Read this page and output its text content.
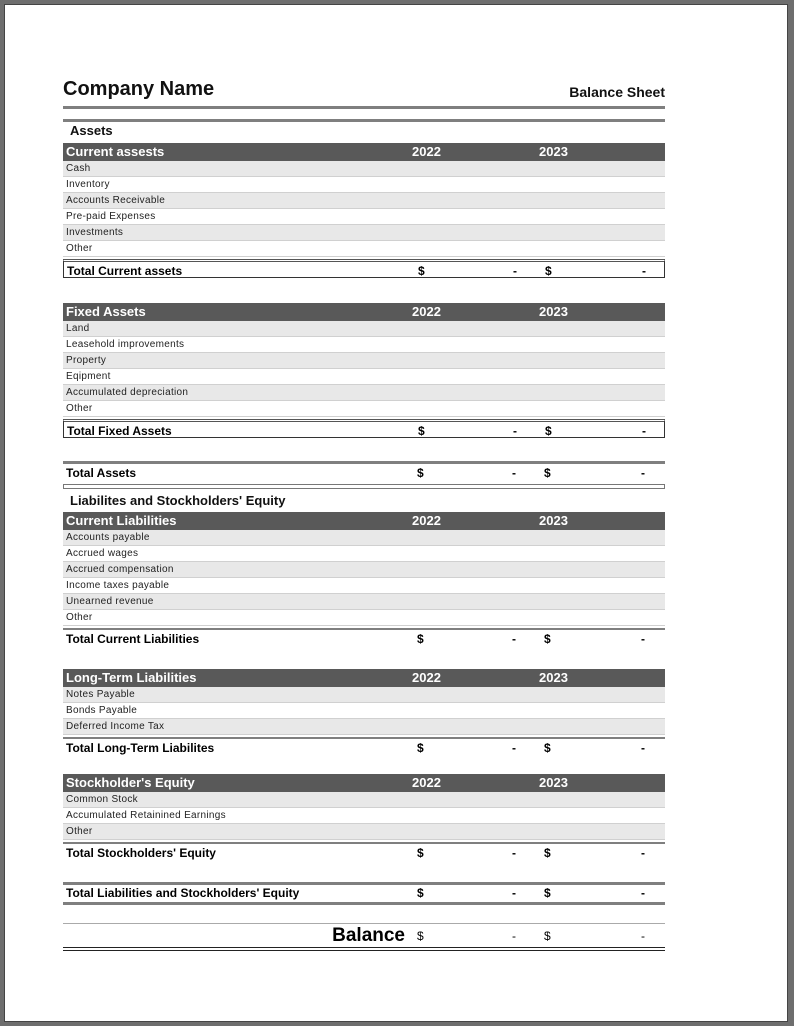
Company Name	Balance Sheet
Assets
Current assests	2022	2023
Cash
Inventory
Accounts Receivable
Pre-paid Expenses
Investments
Other
Total Current assets	$	- $	-
Fixed Assets	2022	2023
Land
Leasehold improvements
Property
Eqipment
Accumulated depreciation
Other
Total Fixed Assets	$	- $	-
Total Assets	$	- $	-
Liabilites and Stockholders' Equity
Current Liabilities	2022	2023
Accounts payable
Accrued wages
Accrued compensation
Income taxes payable
Unearned revenue
Other
Total Current Liabilities	$	- $	-
Long-Term Liabilities	2022	2023
Notes Payable
Bonds Payable
Deferred Income Tax
Total Long-Term Liabilites	$	- $	-
Stockholder's Equity	2022	2023
Common Stock
Accumulated Retainined Earnings
Other
Total Stockholders' Equity	$	- $	-
Total Liabilities and Stockholders' Equity	$	- $	-
Balance $	- $	-
